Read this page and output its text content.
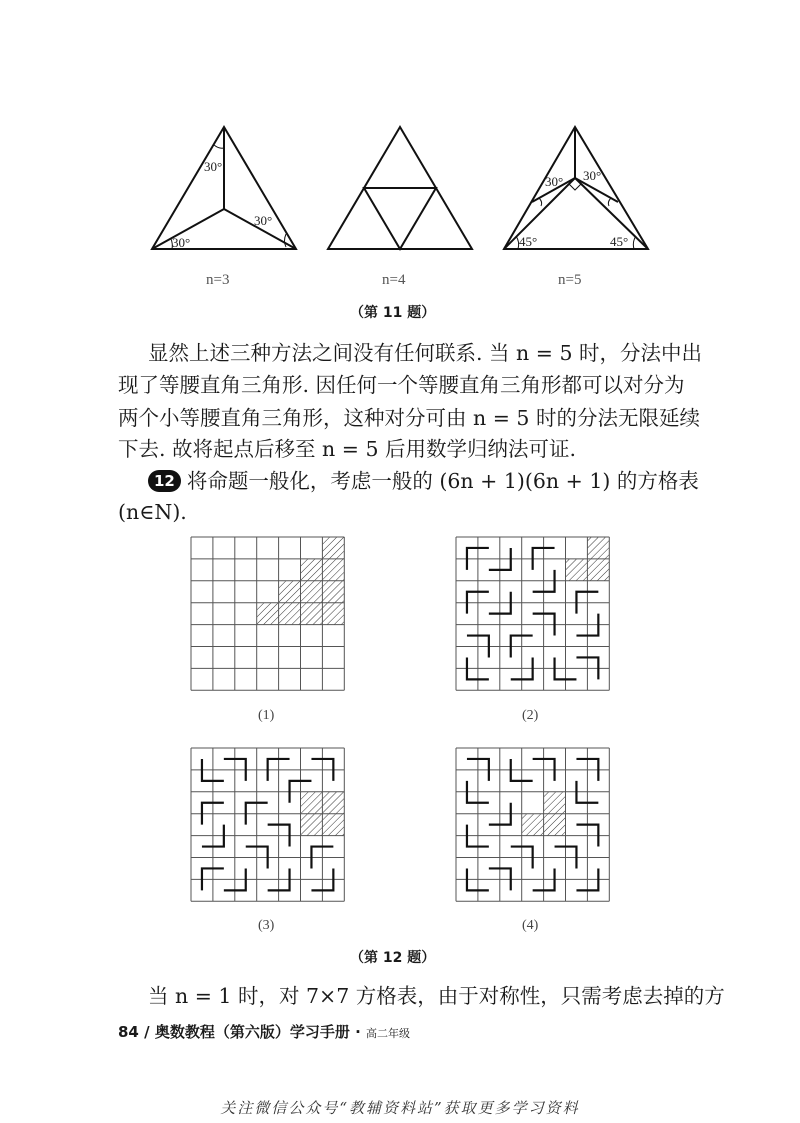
30°
30°
30°
30° 30°
45°	45°
n=3	n=4	n=5
（第 11 题）
显然上述三种方法之间没有任何联系. 当 n = 5 时，分法中出
现了等腰直角三角形. 因任何一个等腰直角三角形都可以对分为
两个小等腰直角三角形，这种对分可由 n = 5 时的分法无限延续
下去. 故将起点后移至 n = 5 后用数学归纳法可证.
12 将命题一般化，考虑一般的 (6n + 1)(6n + 1) 的方格表
(n∈N).
(1)	(2)
(3)	(4)
（第 12 题）
当 n = 1 时，对 7×7 方格表，由于对称性，只需考虑去掉的方
84 / 奥数教程（第六版）学习手册 · 高二年级
关注微信公众号“教辅资料站”获取更多学习资料
